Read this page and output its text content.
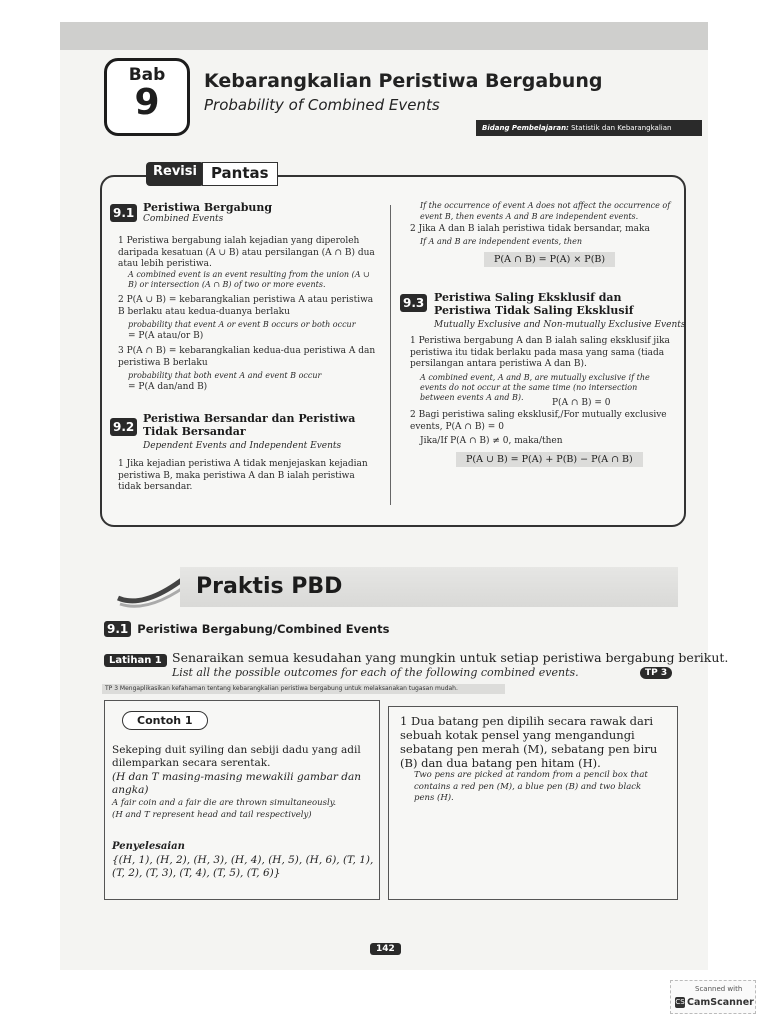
Bab
9
Kebarangkalian Peristiwa Bergabung
Probability of Combined Events
Bidang Pembelajaran: Statistik dan Kebarangkalian
Revisi Pantas
9.1 Peristiwa Bergabung
Combined Events
1 Peristiwa bergabung ialah kejadian yang diperoleh daripada kesatuan (A ∪ B) atau persilangan (A ∩ B) dua atau lebih peristiwa.
A combined event is an event resulting from the union (A ∪ B) or intersection (A ∩ B) of two or more events.
2 P(A ∪ B) = kebarangkalian peristiwa A atau peristiwa B berlaku atau kedua-duanya berlaku
probability that event A or event B occurs or both occur
= P(A atau/or B)
3 P(A ∩ B) = kebarangkalian kedua-dua peristiwa A dan peristiwa B berlaku
probability that both event A and event B occur
= P(A dan/and B)
9.2
Peristiwa Bersandar dan Peristiwa Tidak Bersandar
Dependent Events and Independent Events
1 Jika kejadian peristiwa A tidak menjejaskan kejadian peristiwa B, maka peristiwa A dan B ialah peristiwa tidak bersandar.
If the occurrence of event A does not affect the occurrence of event B, then events A and B are independent events.
2 Jika A dan B ialah peristiwa tidak bersandar, maka
If A and B are independent events, then
P(A ∩ B) = P(A) × P(B)
9.3 Peristiwa Saling Eksklusif dan Peristiwa Tidak Saling Eksklusif
Mutually Exclusive and Non-mutually Exclusive Events
1 Peristiwa bergabung A dan B ialah saling eksklusif jika peristiwa itu tidak berlaku pada masa yang sama (tiada persilangan antara peristiwa A dan B).
A combined event, A and B, are mutually exclusive if the events do not occur at the same time (no intersection between events A and B).
P(A ∩ B) = 0
2 Bagi peristiwa saling eksklusif,/For mutually exclusive events, P(A ∩ B) = 0
Jika/If P(A ∩ B) ≠ 0, maka/then
P(A ∪ B) = P(A) + P(B) − P(A ∩ B)
Praktis PBD
9.1 Peristiwa Bergabung/Combined Events
Latihan 1 Senaraikan semua kesudahan yang mungkin untuk setiap peristiwa bergabung berikut.
List all the possible outcomes for each of the following combined events.	TP 3
TP 3 Mengaplikasikan kefahaman tentang kebarangkalian peristiwa bergabung untuk melaksanakan tugasan mudah.
Contoh 1
Sekeping duit syiling dan sebiji dadu yang adil dilemparkan secara serentak.
(H dan T masing-masing mewakili gambar dan angka)
A fair coin and a fair die are thrown simultaneously.
(H and T represent head and tail respectively)
Penyelesaian
{(H, 1), (H, 2), (H, 3), (H, 4), (H, 5), (H, 6), (T, 1), (T, 2), (T, 3), (T, 4), (T, 5), (T, 6)}
1 Dua batang pen dipilih secara rawak dari sebuah kotak pensel yang mengandungi sebatang pen merah (M), sebatang pen biru (B) dan dua batang pen hitam (H).
Two pens are picked at random from a pencil box that contains a red pen (M), a blue pen (B) and two black pens (H).
142
Scanned with
CS CamScanner
